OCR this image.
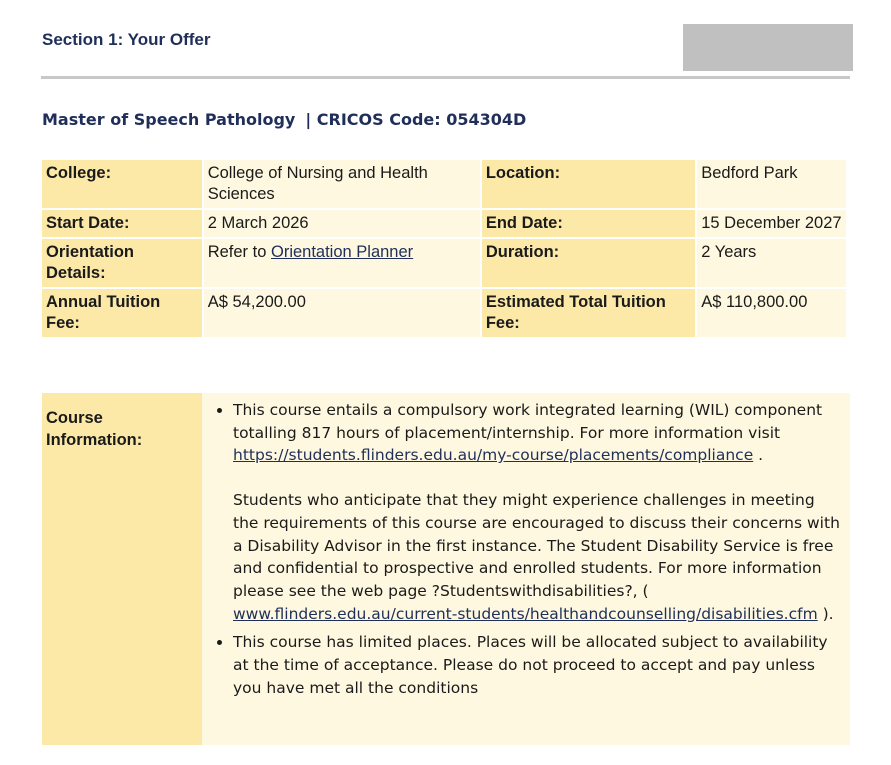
Section 1: Your Offer
Master of Speech Pathology | CRICOS Code: 054304D
College:	College of Nursing and Health Sciences	Location:	Bedford Park
Start Date:	2 March 2026	End Date:	15 December 2027
Orientation Details:	Refer to Orientation Planner	Duration:	2 Years
Annual Tuition Fee:	A$ 54,200.00	Estimated Total Tuition Fee:	A$ 110,800.00
Course Information:

• This course entails a compulsory work integrated learning (WIL) component totalling 817 hours of placement/internship. For more information visit https://students.flinders.edu.au/my-course/placements/compliance .

Students who anticipate that they might experience challenges in meeting the requirements of this course are encouraged to discuss their concerns with a Disability Advisor in the first instance. The Student Disability Service is free and confidential to prospective and enrolled students. For more information please see the web page ?Studentswithdisabilities?, ( www.flinders.edu.au/current-students/healthandcounselling/disabilities.cfm ).

• This course has limited places. Places will be allocated subject to availability at the time of acceptance. Please do not proceed to accept and pay unless you have met all the conditions
